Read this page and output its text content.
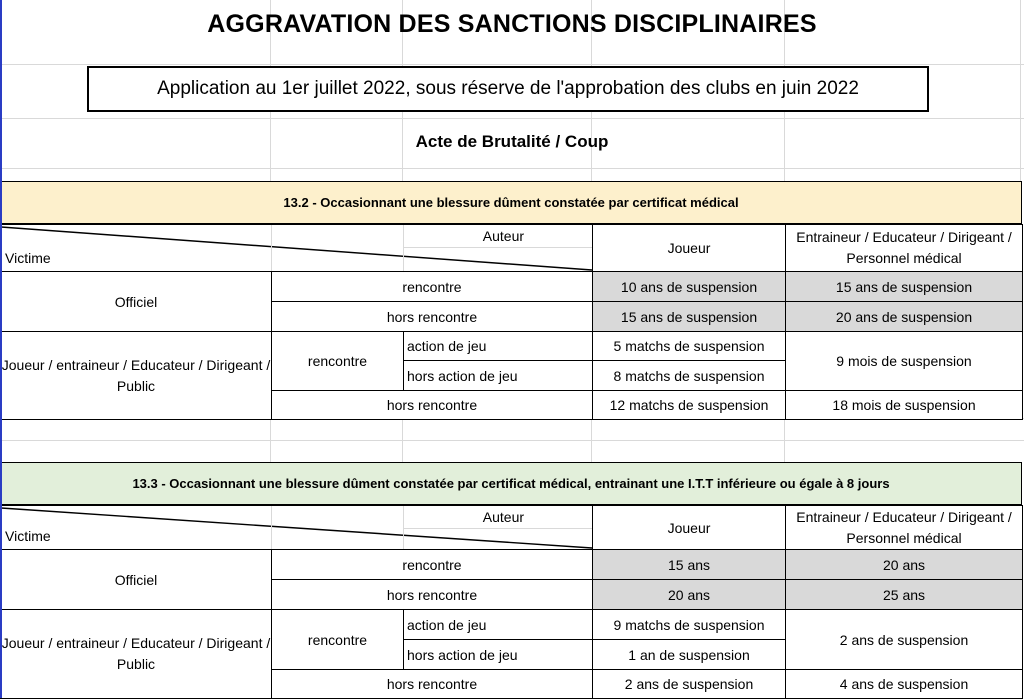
AGGRAVATION DES SANCTIONS DISCIPLINAIRES
Application au 1er juillet 2022, sous réserve de l'approbation des clubs en juin 2022
Acte de Brutalité / Coup
13.2 - Occasionnant une blessure dûment constatée par certificat médical
Auteur
Victime			Joueur	Entraineur / Educateur / Dirigeant / Personnel médical
Officiel	rencontre		10 ans de suspension	15 ans de suspension
	hors rencontre		15 ans de suspension	20 ans de suspension
Joueur / entraineur / Educateur / Dirigeant / Public	rencontre	action de jeu	5 matchs de suspension	9 mois de suspension
		hors action de jeu	8 matchs de suspension	
	hors rencontre		12 matchs de suspension	18 mois de suspension
13.3 - Occasionnant une blessure dûment constatée par certificat médical, entrainant une I.T.T inférieure ou égale à 8 jours
Auteur
Victime			Joueur	Entraineur / Educateur / Dirigeant / Personnel médical
Officiel	rencontre		15 ans	20 ans
	hors rencontre		20 ans	25 ans
Joueur / entraineur / Educateur / Dirigeant / Public	rencontre	action de jeu	9 matchs de suspension	2 ans de suspension
		hors action de jeu	1 an de suspension	
	hors rencontre		2 ans de suspension	4 ans de suspension
